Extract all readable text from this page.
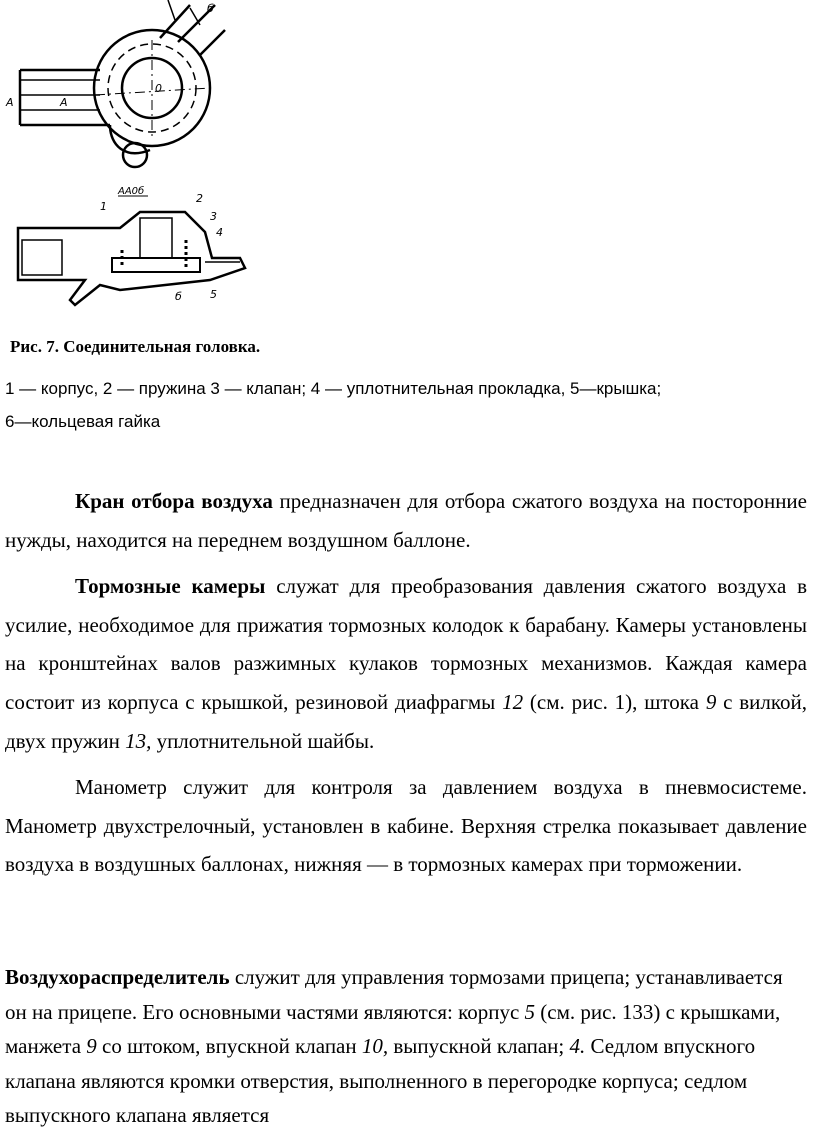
б
А	А
0
АА0б
1
2
3
4
б	5
Рис. 7. Соединительная головка.

1 — корпус, 2 — пружина 3 — клапан; 4 — уплотнительная прокладка, 5—крышка;

6—кольцевая гайка

Кран отбора воздуха предназначен для отбора сжатого воздуха на посторонние нужды, находится на переднем воздушном баллоне.

Тормозные камеры служат для преобразования давления сжатого воздуха в усилие, необходимое для прижатия тормозных колодок к барабану. Камеры установлены на кронштейнах валов разжимных кулаков тормозных механизмов. Каждая камера состоит из корпуса с крышкой, резиновой диафрагмы 12 (см. рис. 1), штока 9 с вилкой, двух пружин 13, уплотнительной шайбы.

Манометр служит для контроля за давлением воздуха в пневмосистеме. Манометр двухстрелочный, установлен в кабине. Верхняя стрелка показывает давление воздуха в воздушных баллонах, нижняя — в тормозных камерах при торможении.

Воздухораспределитель служит для управления тормозами прицепа; устанавливается он на прицепе. Его основными частями являются: корпус 5 (см. рис. 133) с крышками, манжета 9 со штоком, впускной клапан 10, выпускной клапан; 4. Седлом впускного клапана являются кромки отверстия, выполненного в перегородке корпуса; седлом выпускного клапана является
